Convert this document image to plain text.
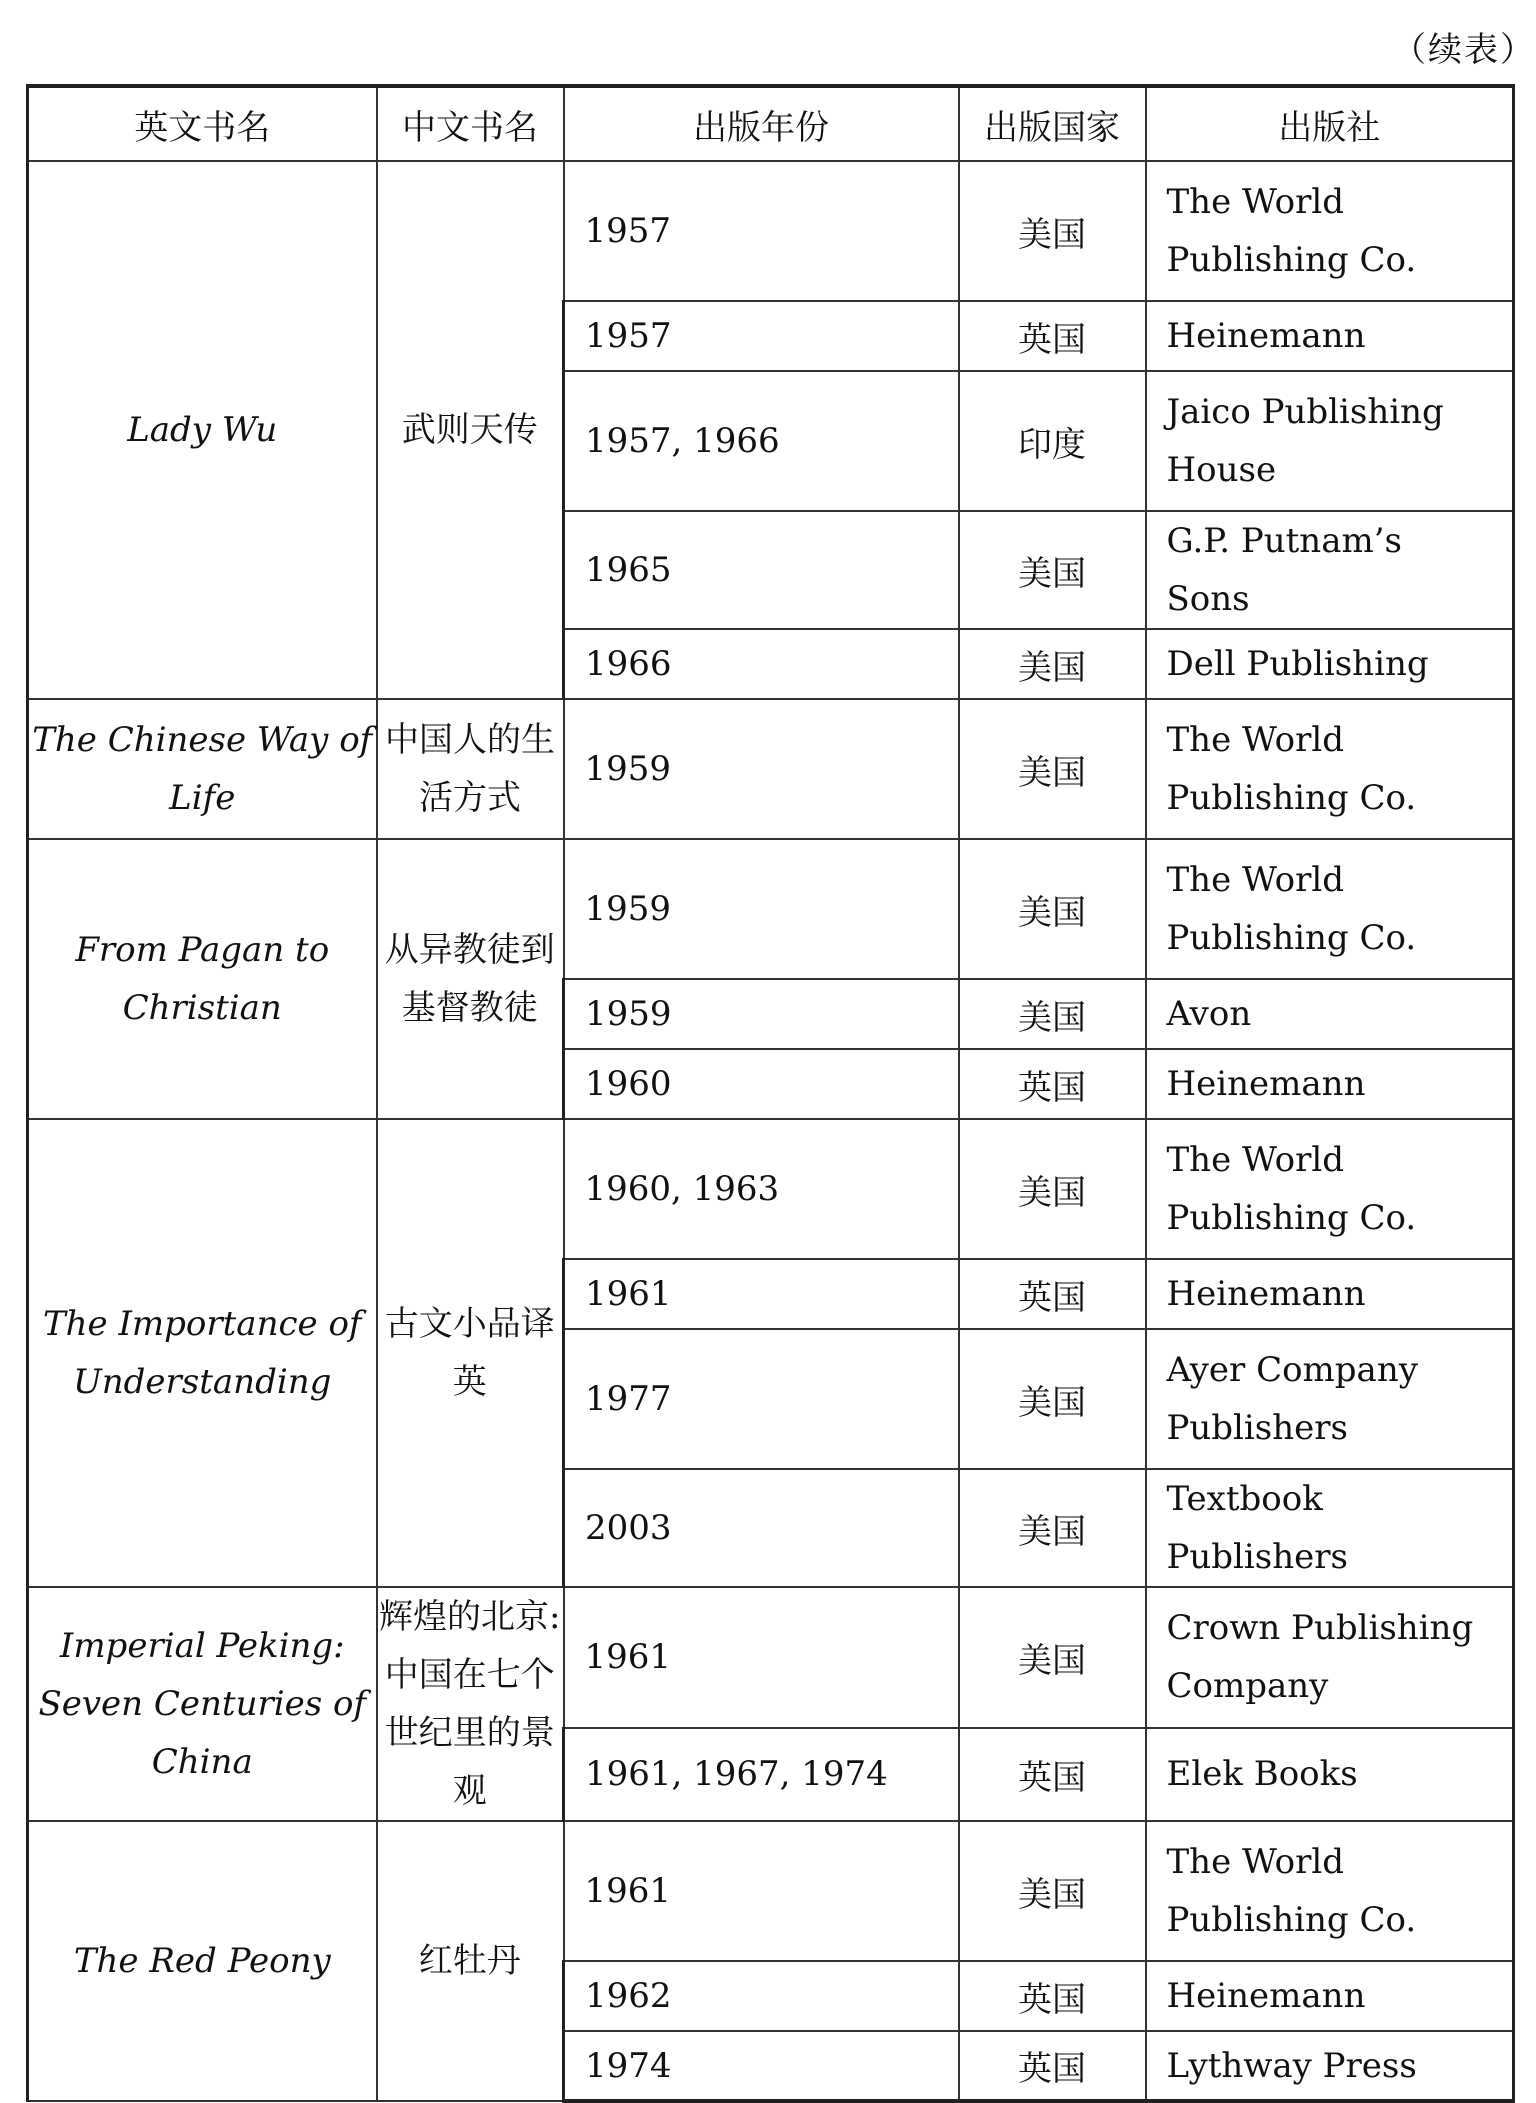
（续表）
英文书名	中文书名	出版年份	出版国家	出版社
Lady Wu	武则天传	1957	美国	The World Publishing Co.
		1957	英国	Heinemann
		1957, 1966	印度	Jaico Publishing House
		1965	美国	G.P. Putnam’s Sons
		1966	美国	Dell Publishing
The Chinese Way of Life	中国人的生活方式	1959	美国	The World Publishing Co.
From Pagan to Christian	从异教徒到基督教徒	1959	美国	The World Publishing Co.
		1959	美国	Avon
		1960	英国	Heinemann
The Importance of Understanding	古文小品译英	1960, 1963	美国	The World Publishing Co.
		1961	英国	Heinemann
		1977	美国	Ayer Company Publishers
		2003	美国	Textbook Publishers
Imperial Peking: Seven Centuries of China	辉煌的北京: 中国在七个世纪里的景观	1961	美国	Crown Publishing Company
		1961, 1967, 1974	英国	Elek Books
The Red Peony	红牡丹	1961	美国	The World Publishing Co.
		1962	英国	Heinemann
		1974	英国	Lythway Press
